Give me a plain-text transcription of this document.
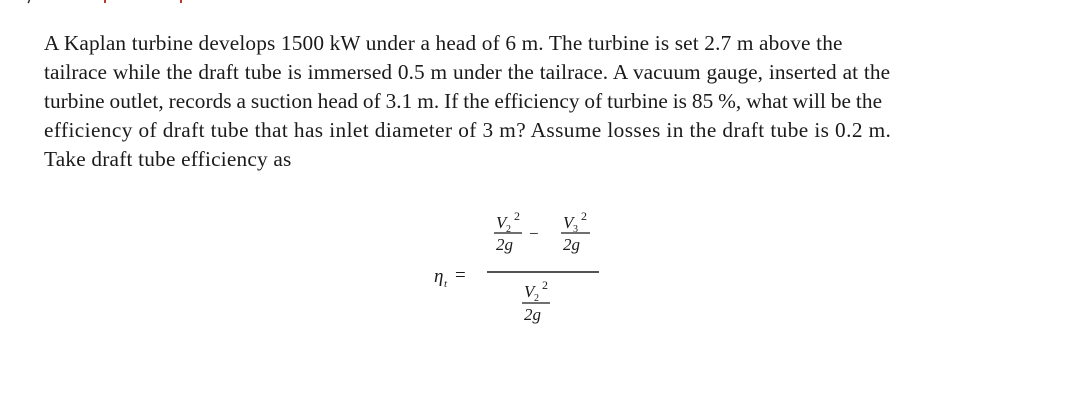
A Kaplan turbine develops 1500 kW under a head of 6 m. The turbine is set 2.7 m above the
tailrace while the draft tube is immersed 0.5 m under the tailrace. A vacuum gauge, inserted at the
turbine outlet, records a suction head of 3.1 m. If the efficiency of turbine is 85 %, what will be the
efficiency of draft tube that has inlet diameter of 3 m? Assume losses in the draft tube is 0.2 m.
Take draft tube efficiency as
η t =
V 2
2
2g
−
V 3
2
2g
V 2
2
2g
